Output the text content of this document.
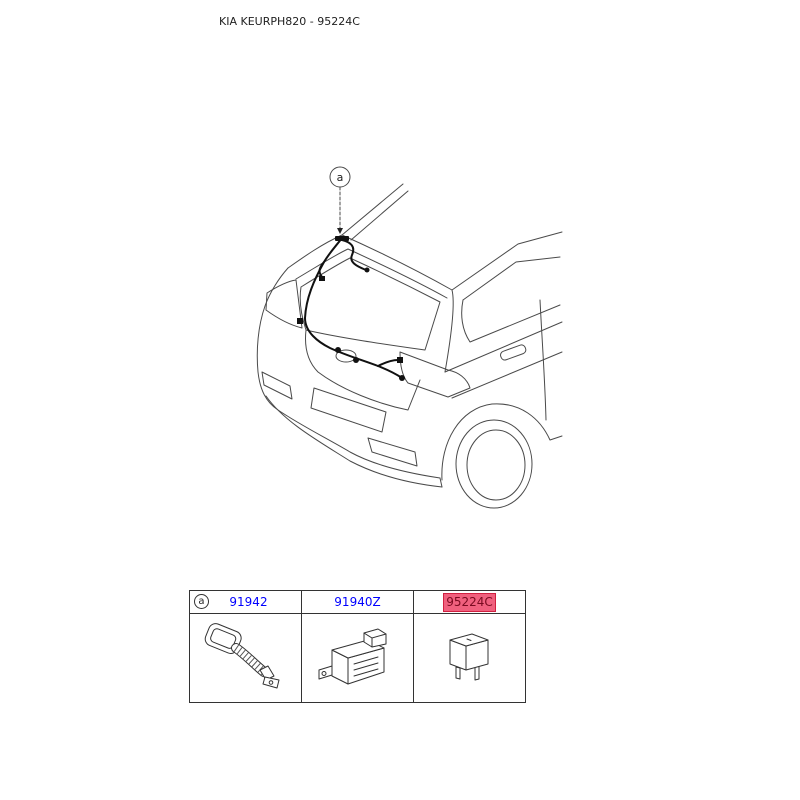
KIA KEURPH820 - 95224C
a
a	91942	91940Z	95224C
